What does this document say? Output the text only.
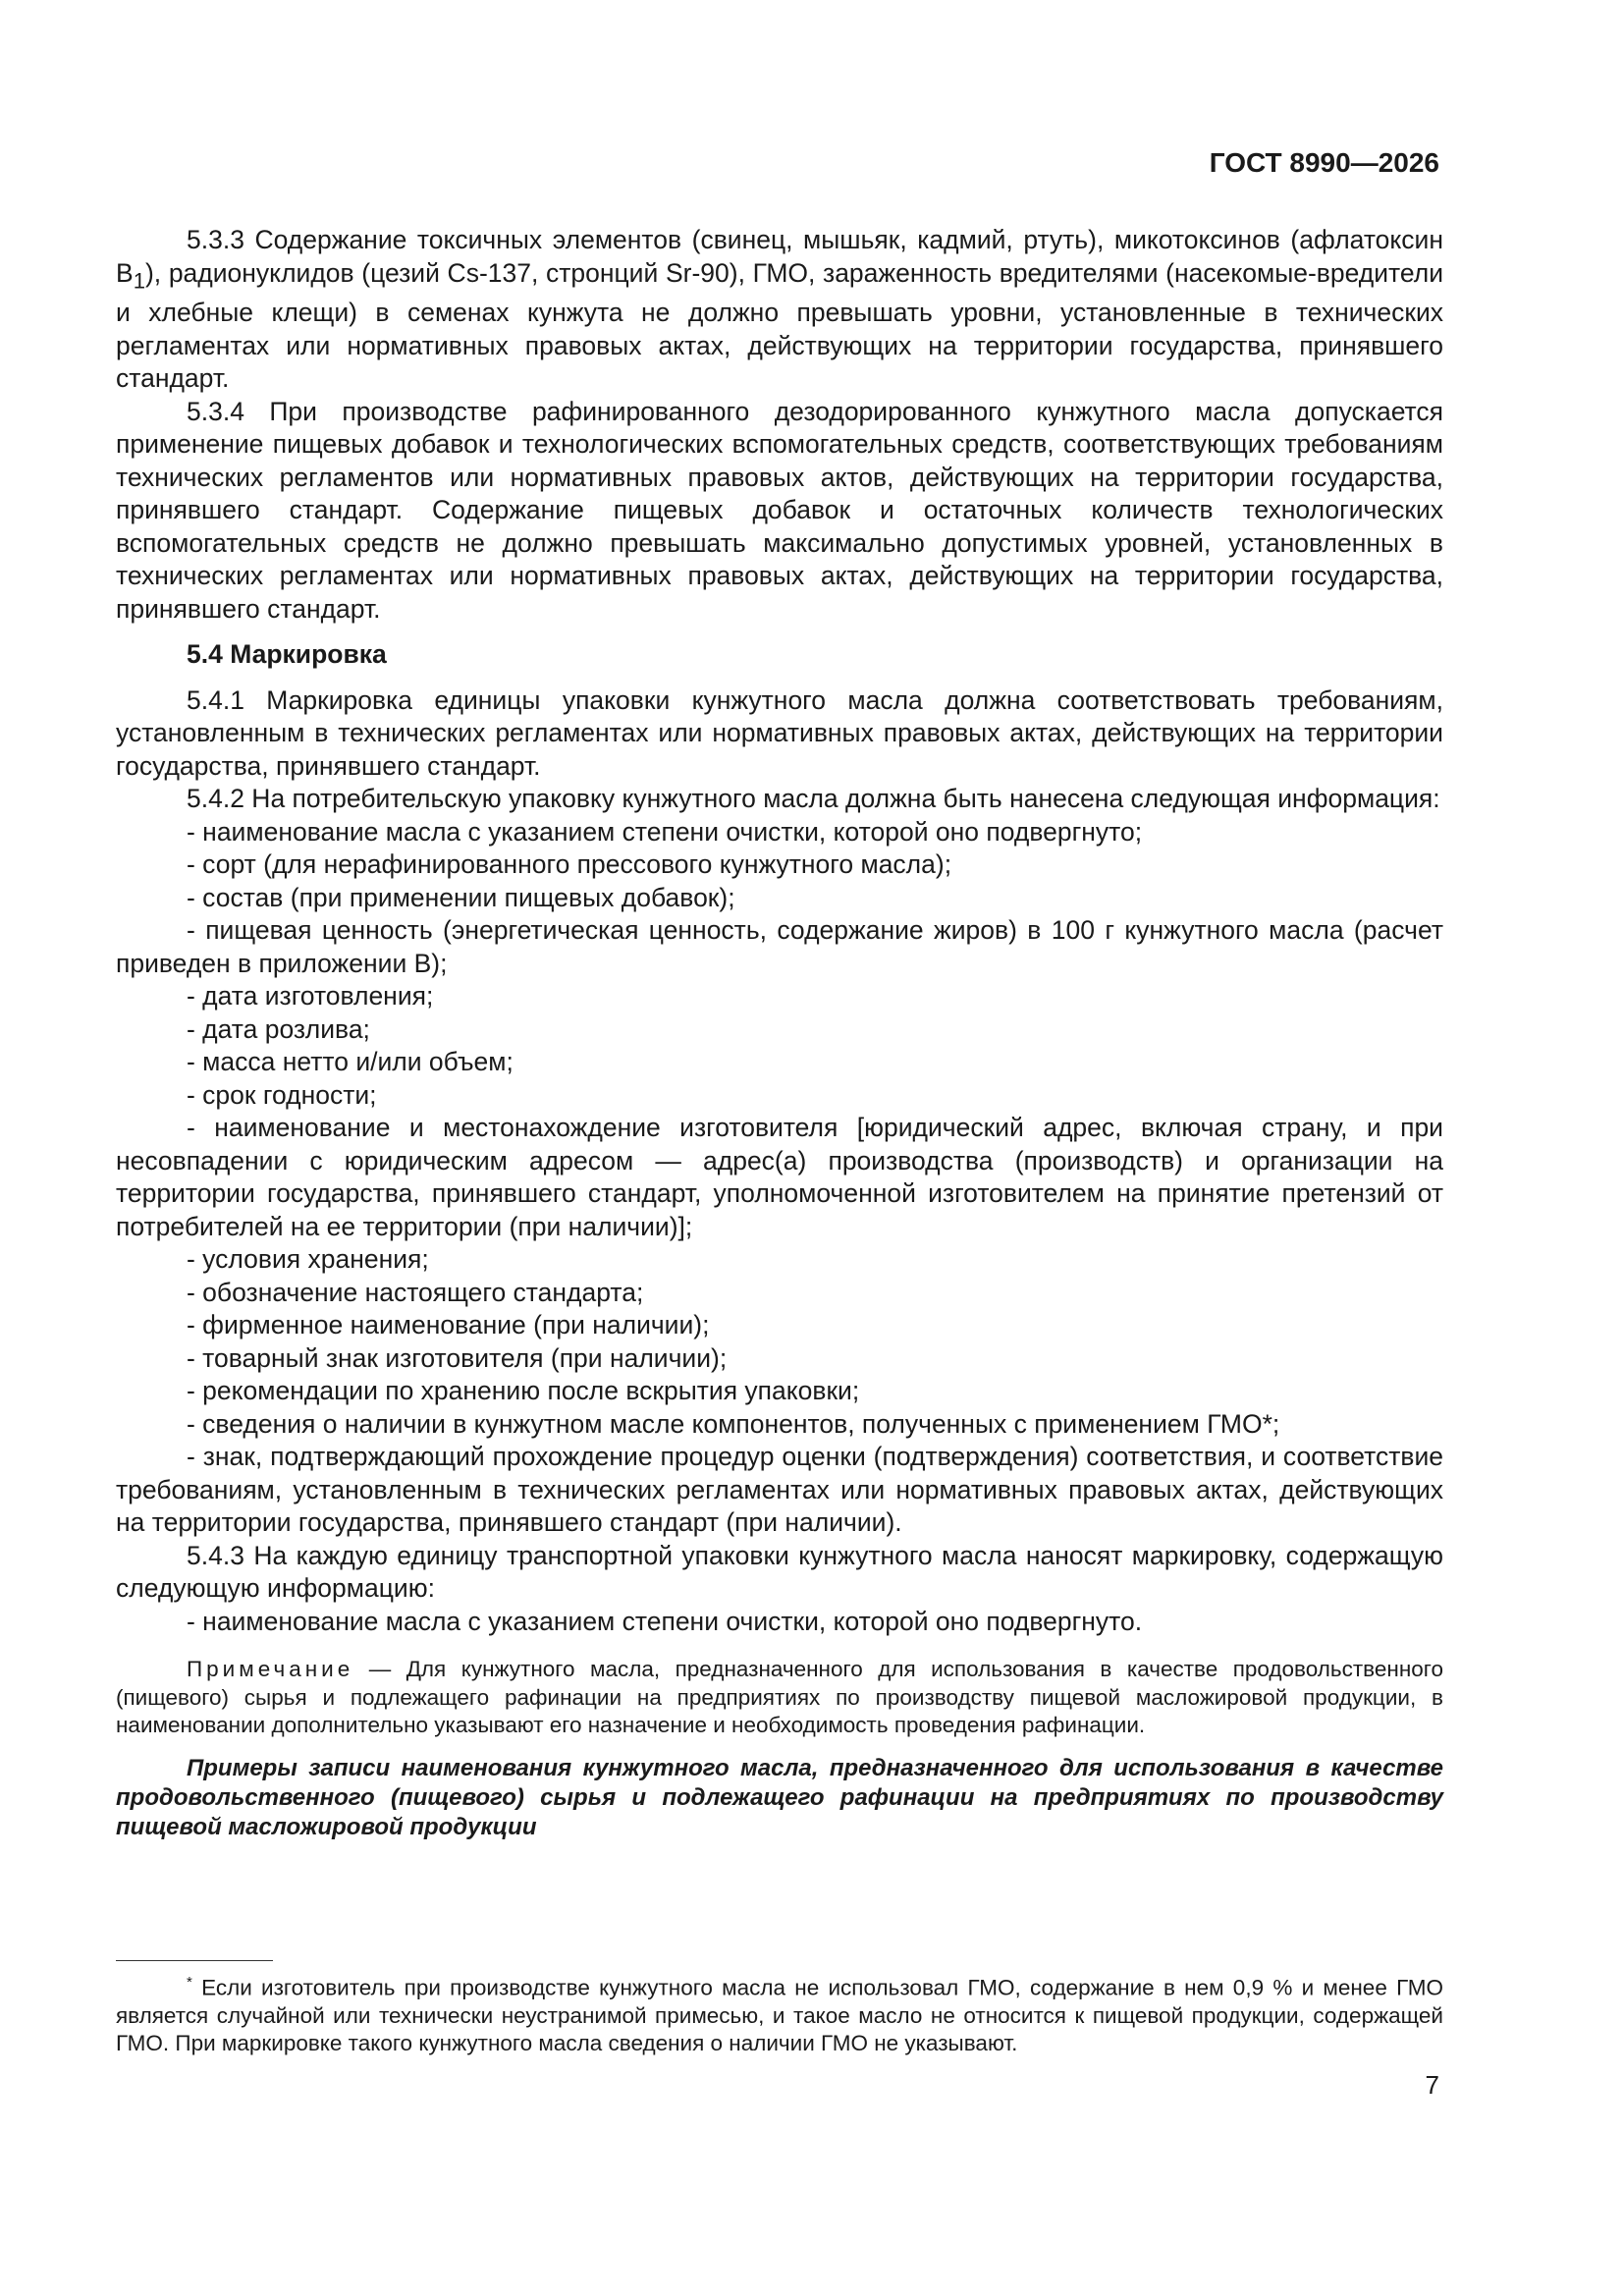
ГОСТ 8990—2026

5.3.3 Содержание токсичных элементов (свинец, мышьяк, кадмий, ртуть), микотоксинов (афлатоксин $В_1$), радионуклидов (цезий Cs-137, стронций Sr-90), ГМО, зараженность вредителями (насекомые-вредители и хлебные клещи) в семенах кунжута не должно превышать уровни, установленные в технических регламентах или нормативных правовых актах, действующих на территории государства, принявшего стандарт.

5.3.4 При производстве рафинированного дезодорированного кунжутного масла допускается применение пищевых добавок и технологических вспомогательных средств, соответствующих требованиям технических регламентов или нормативных правовых актов, действующих на территории государства, принявшего стандарт. Содержание пищевых добавок и остаточных количеств технологических вспомогательных средств не должно превышать максимально допустимых уровней, установленных в технических регламентах или нормативных правовых актах, действующих на территории государства, принявшего стандарт.

5.4 Маркировка

5.4.1 Маркировка единицы упаковки кунжутного масла должна соответствовать требованиям, установленным в технических регламентах или нормативных правовых актах, действующих на территории государства, принявшего стандарт.

5.4.2 На потребительскую упаковку кунжутного масла должна быть нанесена следующая информация:

- наименование масла с указанием степени очистки, которой оно подвергнуто;

- сорт (для нерафинированного прессового кунжутного масла);

- состав (при применении пищевых добавок);

- пищевая ценность (энергетическая ценность, содержание жиров) в 100 г кунжутного масла (расчет приведен в приложении В);

- дата изготовления;

- дата розлива;

- масса нетто и/или объем;

- срок годности;

- наименование и местонахождение изготовителя [юридический адрес, включая страну, и при несовпадении с юридическим адресом — адрес(а) производства (производств) и организации на территории государства, принявшего стандарт, уполномоченной изготовителем на принятие претензий от потребителей на ее территории (при наличии)];

- условия хранения;

- обозначение настоящего стандарта;

- фирменное наименование (при наличии);

- товарный знак изготовителя (при наличии);

- рекомендации по хранению после вскрытия упаковки;

- сведения о наличии в кунжутном масле компонентов, полученных с применением ГМО*;

- знак, подтверждающий прохождение процедур оценки (подтверждения) соответствия, и соответствие требованиям, установленным в технических регламентах или нормативных правовых актах, действующих на территории государства, принявшего стандарт (при наличии).

5.4.3 На каждую единицу транспортной упаковки кунжутного масла наносят маркировку, содержащую следующую информацию:

- наименование масла с указанием степени очистки, которой оно подвергнуто.

Примечание — Для кунжутного масла, предназначенного для использования в качестве продовольственного (пищевого) сырья и подлежащего рафинации на предприятиях по производству пищевой масложировой продукции, в наименовании дополнительно указывают его назначение и необходимость проведения рафинации.

Примеры записи наименования кунжутного масла, предназначенного для использования в качестве продовольственного (пищевого) сырья и подлежащего рафинации на предприятиях по производству пищевой масложировой продукции

* Если изготовитель при производстве кунжутного масла не использовал ГМО, содержание в нем 0,9 % и менее ГМО является случайной или технически неустранимой примесью, и такое масло не относится к пищевой продукции, содержащей ГМО. При маркировке такого кунжутного масла сведения о наличии ГМО не указывают.

7
